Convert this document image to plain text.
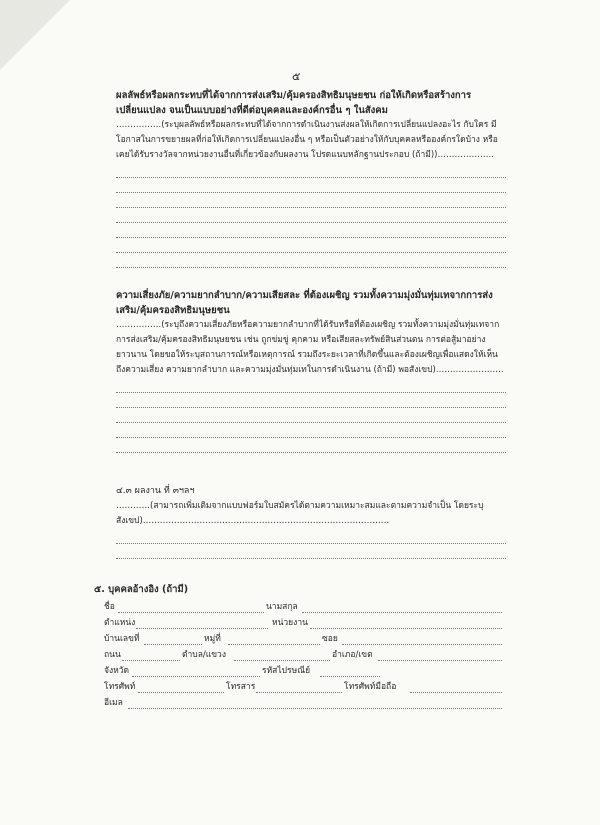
๕
ผลลัพธ์หรือผลกระทบที่ได้จากการส่งเสริม/คุ้มครองสิทธิมนุษยชน ก่อให้เกิดหรือสร้างการเปลี่ยนแปลง จนเป็นแบบอย่างที่ดีต่อบุคคลและองค์กรอื่น ๆ ในสังคม
…………….(ระบุผลลัพธ์หรือผลกระทบที่ได้จากการดำเนินงานส่งผลให้เกิดการเปลี่ยนแปลงอะไร กับใคร มีโอกาสในการขยายผลที่ก่อให้เกิดการเปลี่ยนแปลงอื่น ๆ หรือเป็นตัวอย่างให้กับบุคคลหรือองค์กรใดบ้าง หรือเคยได้รับรางวัลจากหน่วยงานอื่นที่เกี่ยวข้องกับผลงาน โปรดแนบหลักฐานประกอบ (ถ้ามี))………………..
ความเสี่ยงภัย/ความยากลำบาก/ความเสียสละ ที่ต้องเผชิญ รวมทั้งความมุ่งมั่นทุ่มเทจากการส่งเสริม/คุ้มครองสิทธิมนุษยชน
…………….(ระบุถึงความเสี่ยงภัยหรือความยากลำบากที่ได้รับหรือที่ต้องเผชิญ รวมทั้งความมุ่งมั่นทุ่มเทจากการส่งเสริม/คุ้มครองสิทธิมนุษยชน เช่น ถูกข่มขู่ คุกคาม หรือเสียสละทรัพย์สินส่วนตน การต่อสู้มาอย่างยาวนาน โดยขอให้ระบุสถานการณ์หรือเหตุการณ์ รวมถึงระยะเวลาที่เกิดขึ้นและต้องเผชิญเพื่อแสดงให้เห็นถึงความเสี่ยง ความยากลำบาก และความมุ่งมั่นทุ่มเทในการดำเนินงาน (ถ้ามี) พอสังเขป)……………………
๔.๓ ผลงาน ที่ ๓ฯลฯ
…………(สามารถเพิ่มเติมจากแบบฟอร์มใบสมัครได้ตามความเหมาะสมและตามความจำเป็น โดยระบุสังเขป)……………………………………………………………………………
๕. บุคคลอ้างอิง (ถ้ามี)
ชื่อ	นามสกุล
ตำแหน่ง	หน่วยงาน
บ้านเลขที่	หมู่ที่	ซอย
ถนน	ตำบล/แขวง	อำเภอ/เขต
จังหวัด	รหัสไปรษณีย์
โทรศัพท์	โทรสาร	โทรศัพท์มือถือ
อีเมล
